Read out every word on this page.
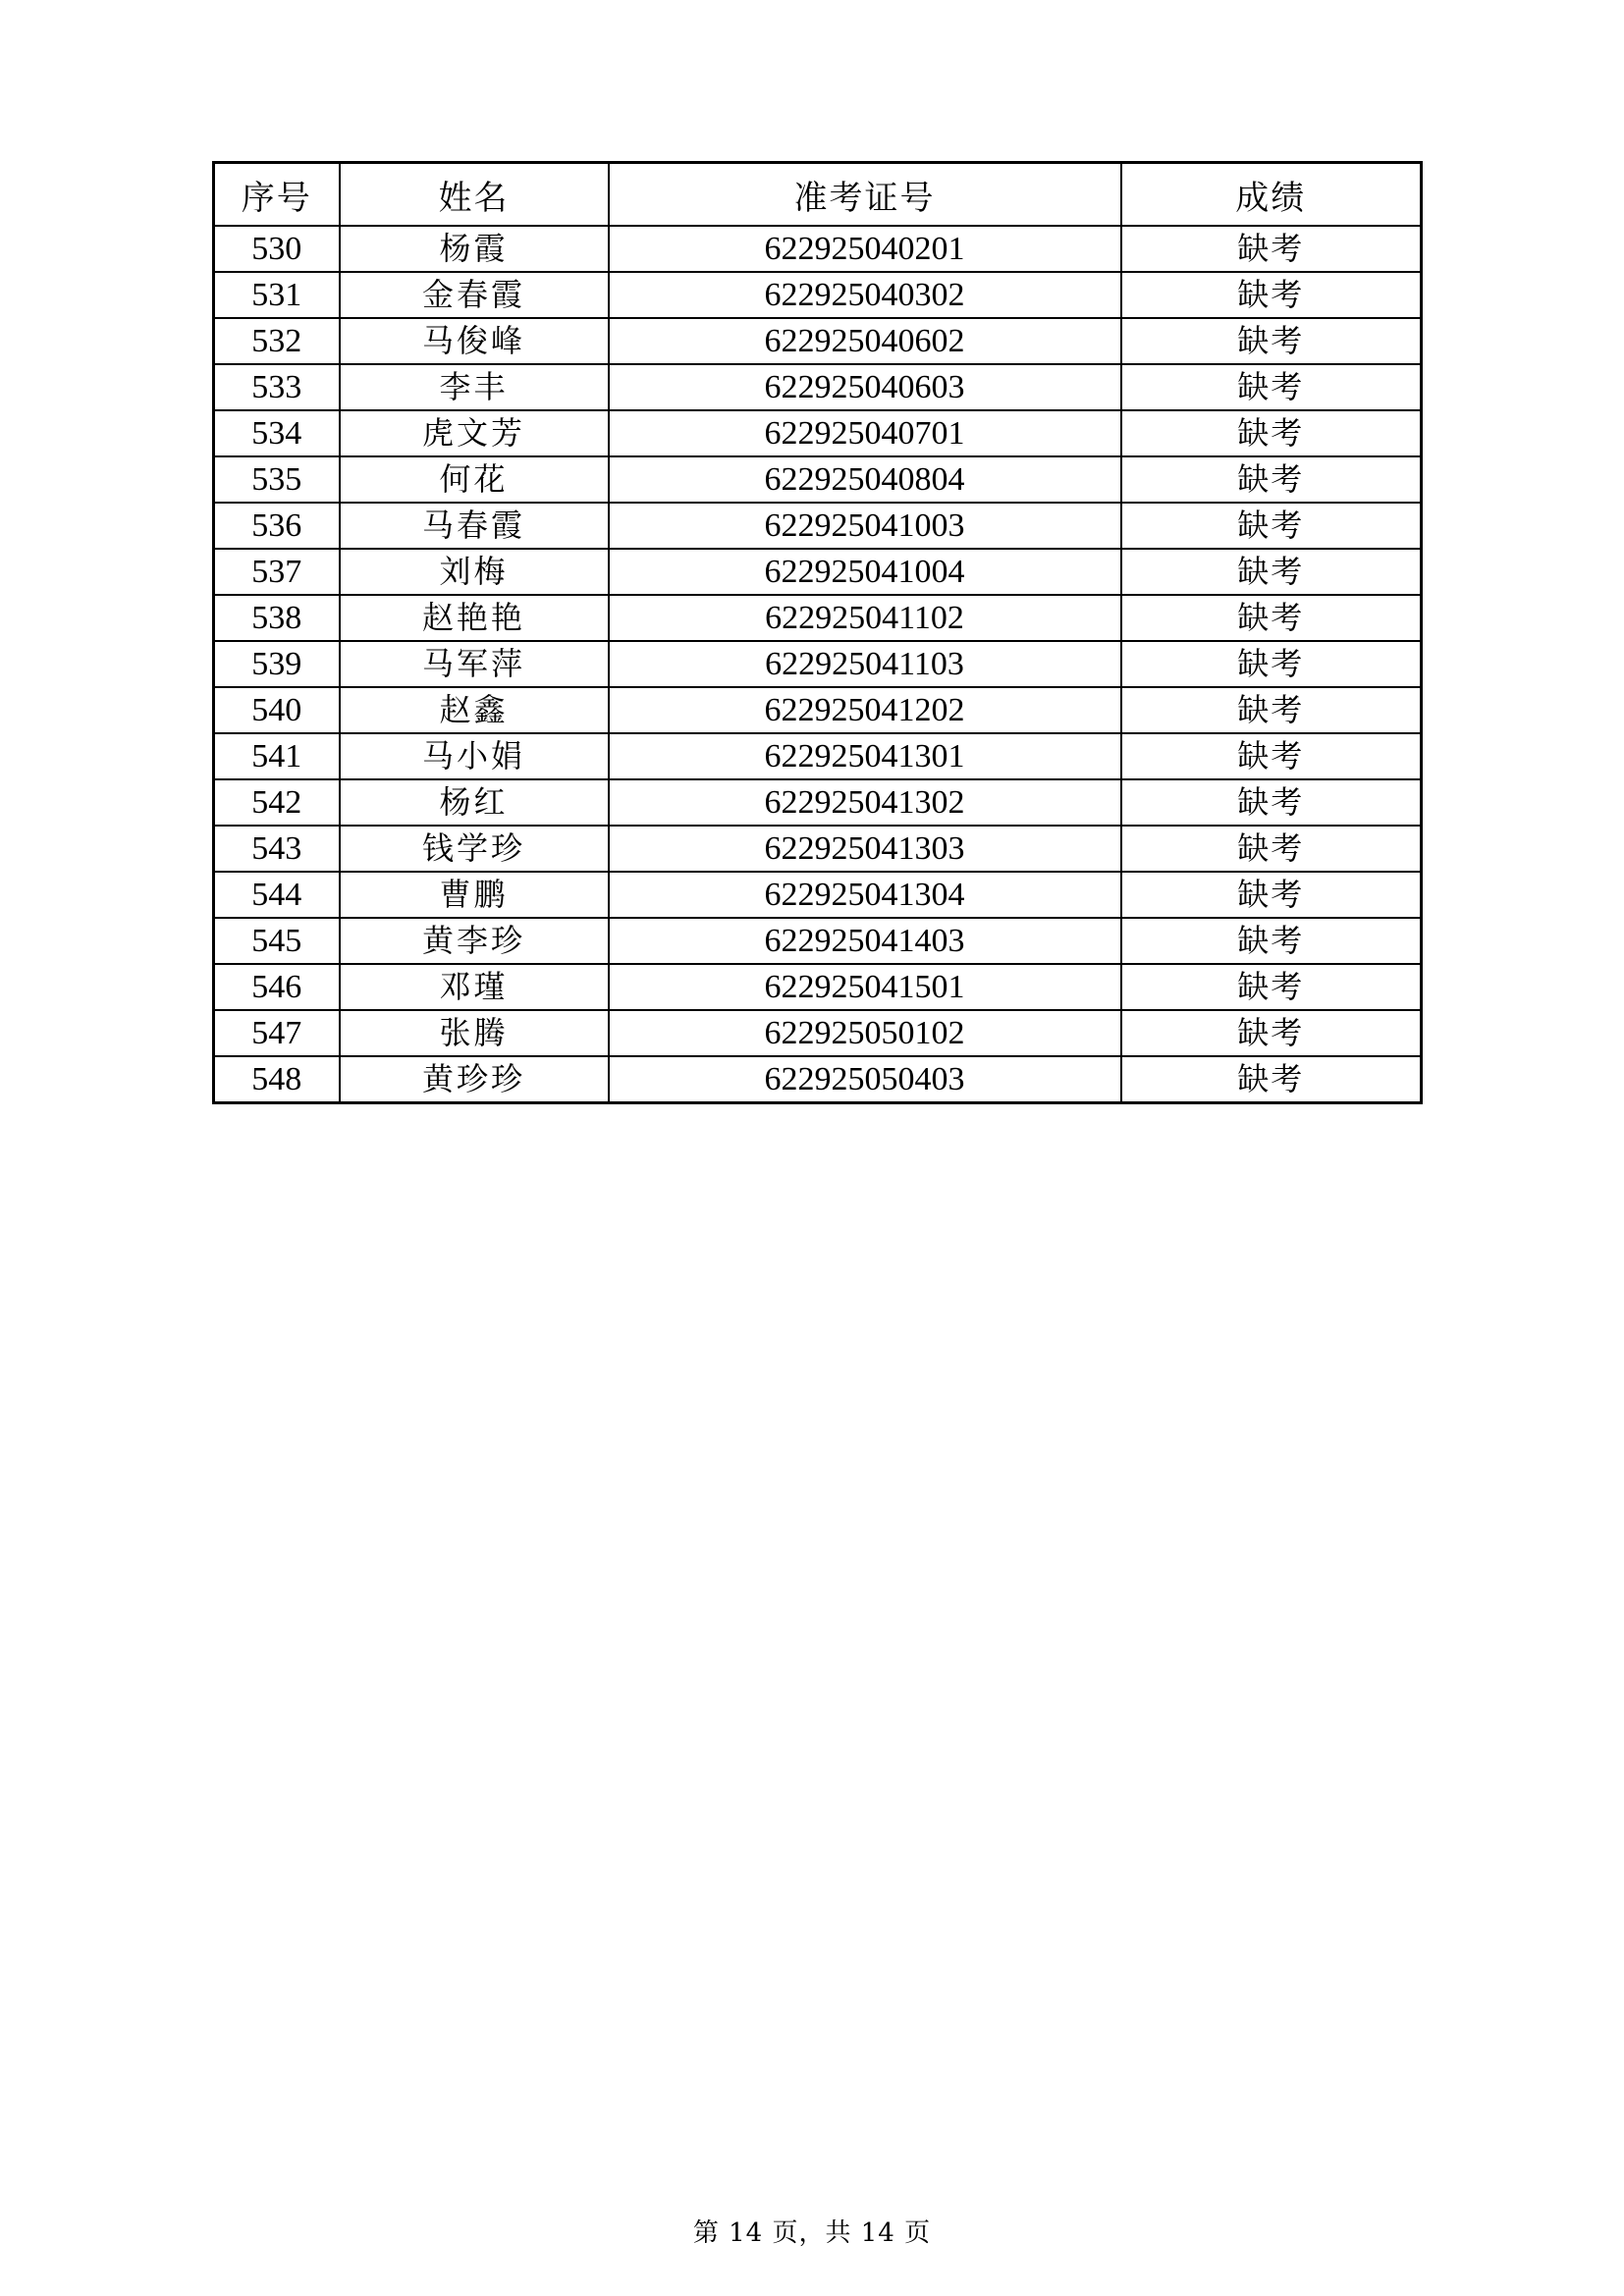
序号	姓名	准考证号	成绩
530	杨霞	622925040201	缺考
531	金春霞	622925040302	缺考
532	马俊峰	622925040602	缺考
533	李丰	622925040603	缺考
534	虎文芳	622925040701	缺考
535	何花	622925040804	缺考
536	马春霞	622925041003	缺考
537	刘梅	622925041004	缺考
538	赵艳艳	622925041102	缺考
539	马军萍	622925041103	缺考
540	赵鑫	622925041202	缺考
541	马小娟	622925041301	缺考
542	杨红	622925041302	缺考
543	钱学珍	622925041303	缺考
544	曹鹏	622925041304	缺考
545	黄李珍	622925041403	缺考
546	邓瑾	622925041501	缺考
547	张腾	622925050102	缺考
548	黄珍珍	622925050403	缺考
第 14 页，共 14 页
